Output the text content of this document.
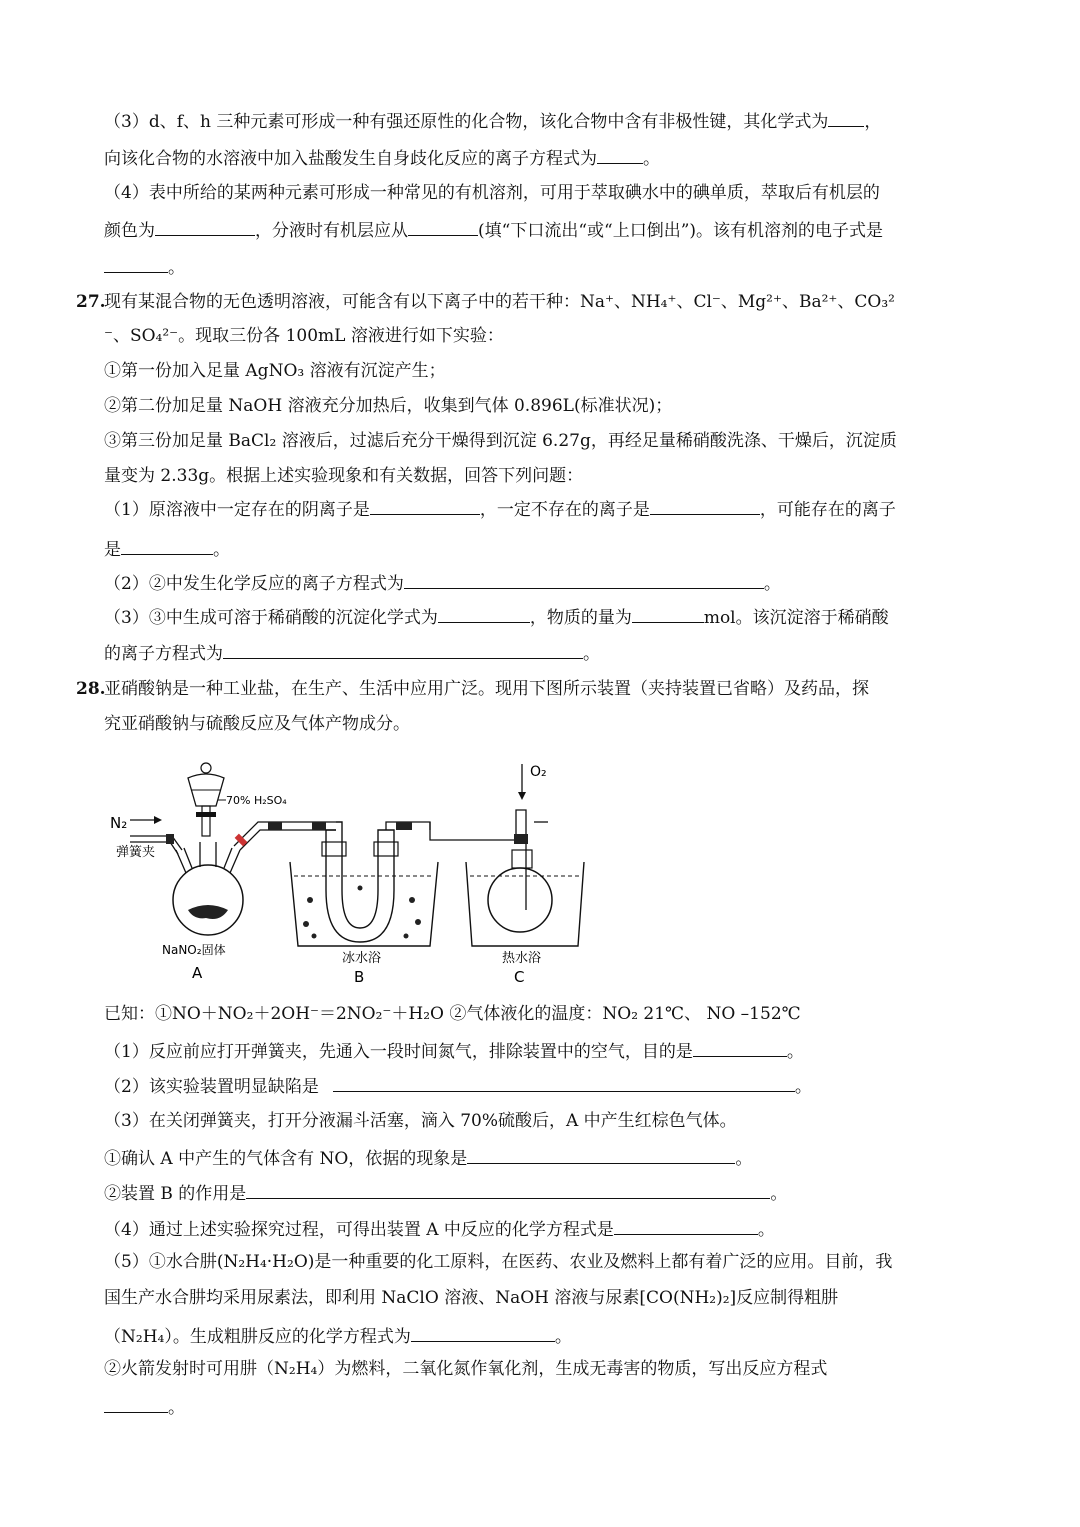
（3）d、f、h 三种元素可形成一种有强还原性的化合物，该化合物中含有非极性键，其化学式为 ，
向该化合物的水溶液中加入盐酸发生自身歧化反应的离子方程式为	。
（4）表中所给的某两种元素可形成一种常见的有机溶剂，可用于萃取碘水中的碘单质，萃取后有机层的
颜色为	，分液时有机层应从	(填“下口流出“或“上口倒出”)。该有机溶剂的电子式是
。
27.现有某混合物的无色透明溶液，可能含有以下离子中的若干种：Na⁺、NH₄⁺、Cl⁻、Mg²⁺、Ba²⁺、CO₃²
⁻、SO₄²⁻。现取三份各 100mL 溶液进行如下实验：
①第一份加入足量 AgNO₃ 溶液有沉淀产生；
②第二份加足量 NaOH 溶液充分加热后，收集到气体 0.896L(标准状况)；
③第三份加足量 BaCl₂ 溶液后，过滤后充分干燥得到沉淀 6.27g，再经足量稀硝酸洗涤、干燥后，沉淀质
量变为 2.33g。根据上述实验现象和有关数据，回答下列问题：
（1）原溶液中一定存在的阴离子是	，一定不存在的离子是	，可能存在的离子
是	。
（2）②中发生化学反应的离子方程式为	。
（3）③中生成可溶于稀硝酸的沉淀化学式为	，物质的量为	mol。该沉淀溶于稀硝酸
的离子方程式为	。
28.亚硝酸钠是一种工业盐，在生产、生活中应用广泛。现用下图所示装置（夹持装置已省略）及药品，探
究亚硝酸钠与硫酸反应及气体产物成分。
N₂
弹簧夹
70% H₂SO₄
NaNO₂固体
A
冰水浴
B
O₂
热水浴
C
已知：①NO＋NO₂＋2OH⁻＝2NO₂⁻＋H₂O ②气体液化的温度：NO₂ 21℃、 NO –152℃
（1）反应前应打开弹簧夹，先通入一段时间氮气，排除装置中的空气，目的是	。
（2）该实验装置明显缺陷是	。
（3）在关闭弹簧夹，打开分液漏斗活塞，滴入 70%硫酸后，A 中产生红棕色气体。
①确认 A 中产生的气体含有 NO，依据的现象是	。
②装置 B 的作用是	。
（4）通过上述实验探究过程，可得出装置 A 中反应的化学方程式是	。
（5）①水合肼(N₂H₄·H₂O)是一种重要的化工原料，在医药、农业及燃料上都有着广泛的应用。目前，我
国生产水合肼均采用尿素法，即利用 NaClO 溶液、NaOH 溶液与尿素[CO(NH₂)₂]反应制得粗肼
（N₂H₄）。生成粗肼反应的化学方程式为	。
②火箭发射时可用肼（N₂H₄）为燃料，二氧化氮作氧化剂，生成无毒害的物质，写出反应方程式
。
